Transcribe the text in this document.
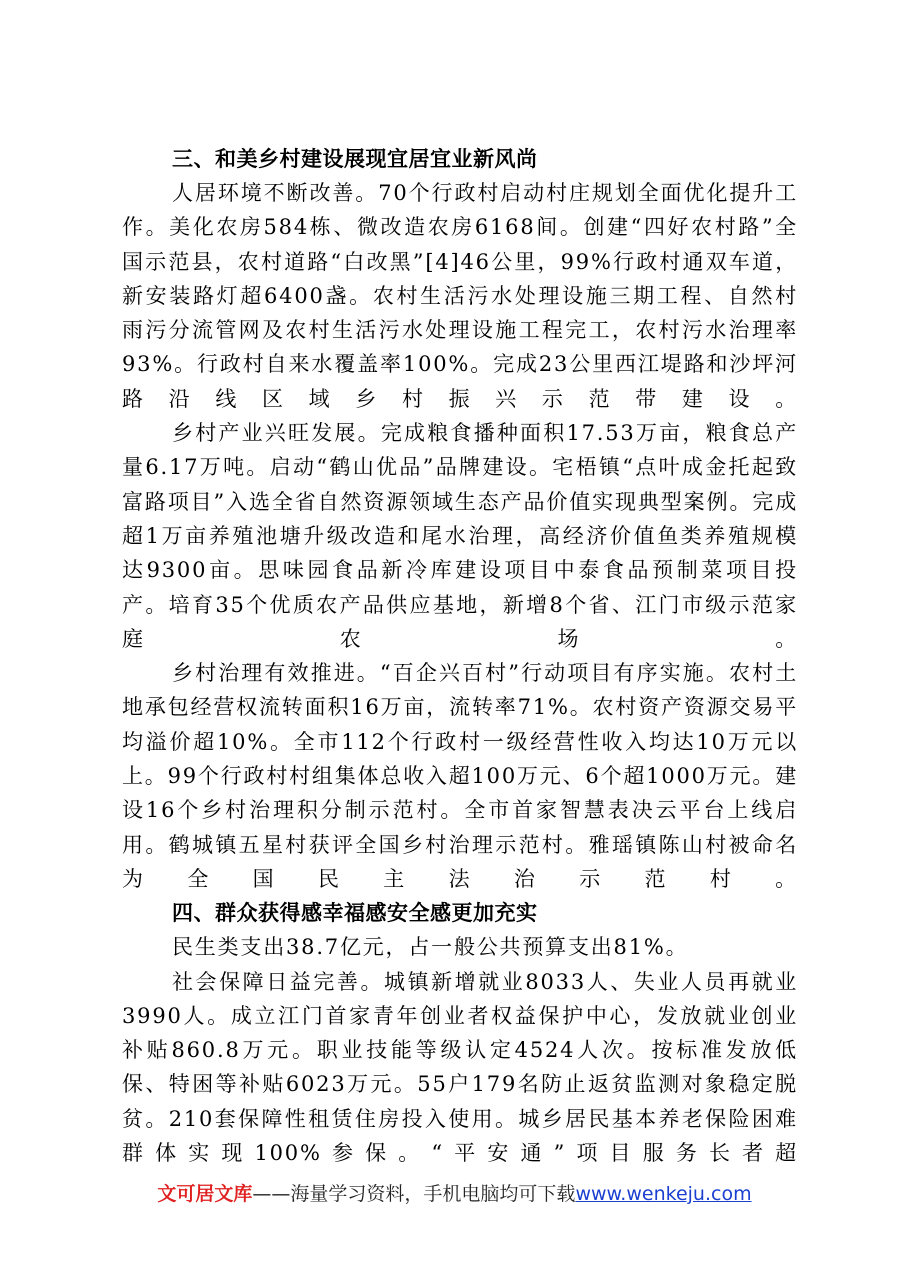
三、和美乡村建设展现宜居宜业新风尚

人居环境不断改善。70个行政村启动村庄规划全面优化提升工作。美化农房584栋、微改造农房6168间。创建“四好农村路”全国示范县，农村道路“白改黑”[4]46公里，99%行政村通双车道，新安装路灯超6400盏。农村生活污水处理设施三期工程、自然村雨污分流管网及农村生活污水处理设施工程完工，农村污水治理率93%。行政村自来水覆盖率100%。完成23公里西江堤路和沙坪河路沿线区域乡村振兴示范带建设。

乡村产业兴旺发展。完成粮食播种面积17.53万亩，粮食总产量6.17万吨。启动“鹤山优品”品牌建设。宅梧镇“点叶成金托起致富路项目”入选全省自然资源领域生态产品价值实现典型案例。完成超1万亩养殖池塘升级改造和尾水治理，高经济价值鱼类养殖规模达9300亩。思味园食品新冷库建设项目中泰食品预制菜项目投产。培育35个优质农产品供应基地，新增8个省、江门市级示范家庭农场。

乡村治理有效推进。“百企兴百村”行动项目有序实施。农村土地承包经营权流转面积16万亩，流转率71%。农村资产资源交易平均溢价超10%。全市112个行政村一级经营性收入均达10万元以上。99个行政村村组集体总收入超100万元、6个超1000万元。建设16个乡村治理积分制示范村。全市首家智慧表决云平台上线启用。鹤城镇五星村获评全国乡村治理示范村。雅瑶镇陈山村被命名为全国民主法治示范村。

四、群众获得感幸福感安全感更加充实

民生类支出38.7亿元，占一般公共预算支出81%。

社会保障日益完善。城镇新增就业8033人、失业人员再就业3990人。成立江门首家青年创业者权益保护中心，发放就业创业补贴860.8万元。职业技能等级认定4524人次。按标准发放低保、特困等补贴6023万元。55户179名防止返贫监测对象稳定脱贫。210套保障性租赁住房投入使用。城乡居民基本养老保险困难群体实现100%参保。“平安通”项目服务长者超

文可居文库——海量学习资料，手机电脑均可下载www.wenkeju.com
